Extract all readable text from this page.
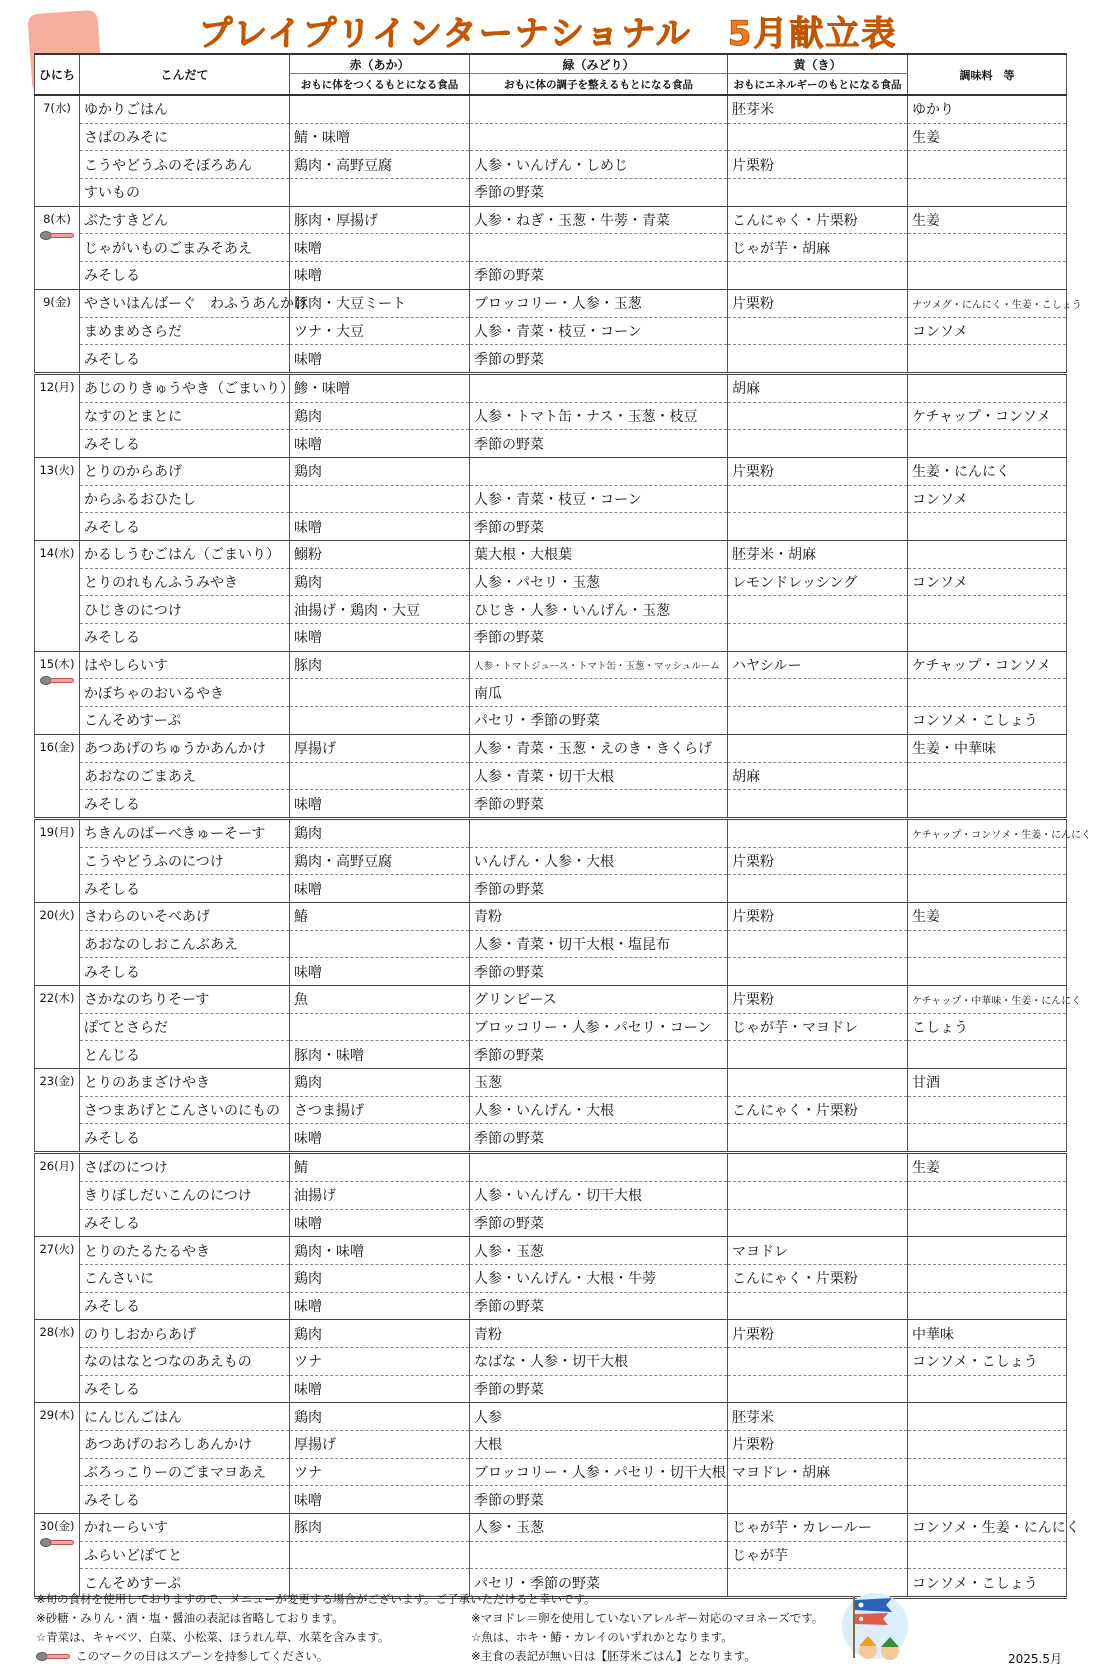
プレイプリインターナショナル　5月献立表
ひにち	こんだて	赤（あか）	緑（みどり）	黄（き）	調味料　等
		おもに体をつくるもとになる食品	おもに体の調子を整えるもとになる食品	おもにエネルギーのもとになる食品	
7(水)	ゆかりごはん			胚芽米	ゆかり
	さばのみそに	鯖・味噌			生姜
	こうやどうふのそぼろあん	鶏肉・高野豆腐	人参・いんげん・しめじ	片栗粉	
	すいもの		季節の野菜		
8(木)	ぶたすきどん	豚肉・厚揚げ	人参・ねぎ・玉葱・牛蒡・青菜	こんにゃく・片栗粉	生姜
	じゃがいものごまみそあえ	味噌		じゃが芋・胡麻	
	みそしる	味噌	季節の野菜		
9(金)	やさいはんばーぐ　わふうあんかけ	豚肉・大豆ミート	ブロッコリー・人参・玉葱	片栗粉	ナツメグ・にんにく・生姜・こしょう
	まめまめさらだ	ツナ・大豆	人参・青菜・枝豆・コーン		コンソメ
	みそしる	味噌	季節の野菜		
12(月)	あじのりきゅうやき（ごまいり）	鯵・味噌		胡麻	
	なすのとまとに	鶏肉	人参・トマト缶・ナス・玉葱・枝豆		ケチャップ・コンソメ
	みそしる	味噌	季節の野菜		
13(火)	とりのからあげ	鶏肉		片栗粉	生姜・にんにく
	からふるおひたし		人参・青菜・枝豆・コーン		コンソメ
	みそしる	味噌	季節の野菜		
14(水)	かるしうむごはん（ごまいり）	鰯粉	葉大根・大根葉	胚芽米・胡麻	
	とりのれもんふうみやき	鶏肉	人参・パセリ・玉葱	レモンドレッシング	コンソメ
	ひじきのにつけ	油揚げ・鶏肉・大豆	ひじき・人参・いんげん・玉葱		
	みそしる	味噌	季節の野菜		
15(木)	はやしらいす	豚肉	人参・トマトジュース・トマト缶・玉葱・マッシュルーム	ハヤシルー	ケチャップ・コンソメ
	かぼちゃのおいるやき		南瓜		
	こんそめすーぷ		パセリ・季節の野菜		コンソメ・こしょう
16(金)	あつあげのちゅうかあんかけ	厚揚げ	人参・青菜・玉葱・えのき・きくらげ		生姜・中華味
	あおなのごまあえ		人参・青菜・切干大根	胡麻	
	みそしる	味噌	季節の野菜		
19(月)	ちきんのばーべきゅーそーす	鶏肉			ケチャップ・コンソメ・生姜・にんにく
	こうやどうふのにつけ	鶏肉・高野豆腐	いんげん・人参・大根	片栗粉	
	みそしる	味噌	季節の野菜		
20(火)	さわらのいそべあげ	鰆	青粉	片栗粉	生姜
	あおなのしおこんぶあえ		人参・青菜・切干大根・塩昆布		
	みそしる	味噌	季節の野菜		
22(木)	さかなのちりそーす	魚	グリンピース	片栗粉	ケチャップ・中華味・生姜・にんにく
	ぽてとさらだ		ブロッコリー・人参・パセリ・コーン	じゃが芋・マヨドレ	こしょう
	とんじる	豚肉・味噌	季節の野菜		
23(金)	とりのあまざけやき	鶏肉	玉葱		甘酒
	さつまあげとこんさいのにもの	さつま揚げ	人参・いんげん・大根	こんにゃく・片栗粉	
	みそしる	味噌	季節の野菜		
26(月)	さばのにつけ	鯖			生姜
	きりぼしだいこんのにつけ	油揚げ	人参・いんげん・切干大根		
	みそしる	味噌	季節の野菜		
27(火)	とりのたるたるやき	鶏肉・味噌	人参・玉葱	マヨドレ	
	こんさいに	鶏肉	人参・いんげん・大根・牛蒡	こんにゃく・片栗粉	
	みそしる	味噌	季節の野菜		
28(水)	のりしおからあげ	鶏肉	青粉	片栗粉	中華味
	なのはなとつなのあえもの	ツナ	なばな・人参・切干大根		コンソメ・こしょう
	みそしる	味噌	季節の野菜		
29(木)	にんじんごはん	鶏肉	人参	胚芽米	
	あつあげのおろしあんかけ	厚揚げ	大根	片栗粉	
	ぶろっこりーのごまマヨあえ	ツナ	ブロッコリー・人参・パセリ・切干大根	マヨドレ・胡麻	
	みそしる	味噌	季節の野菜		
30(金)	かれーらいす	豚肉	人参・玉葱	じゃが芋・カレールー	コンソメ・生姜・にんにく
	ふらいどぽてと			じゃが芋	
	こんそめすーぷ		パセリ・季節の野菜		コンソメ・こしょう
※旬の食材を使用しておりますので、メニューが変更する場合がございます。ご了承いただけると幸いです。
※砂糖・みりん・酒・塩・醤油の表記は省略しております。
☆青菜は、キャベツ、白菜、小松菜、ほうれん草、水菜を含みます。
このマークの日はスプーンを持参してください。
※マヨドレ＝卵を使用していないアレルギー対応のマヨネーズです。
☆魚は、ホキ・鰆・カレイのいずれかとなります。
※主食の表記が無い日は【胚芽米ごはん】となります。	2025.5月
